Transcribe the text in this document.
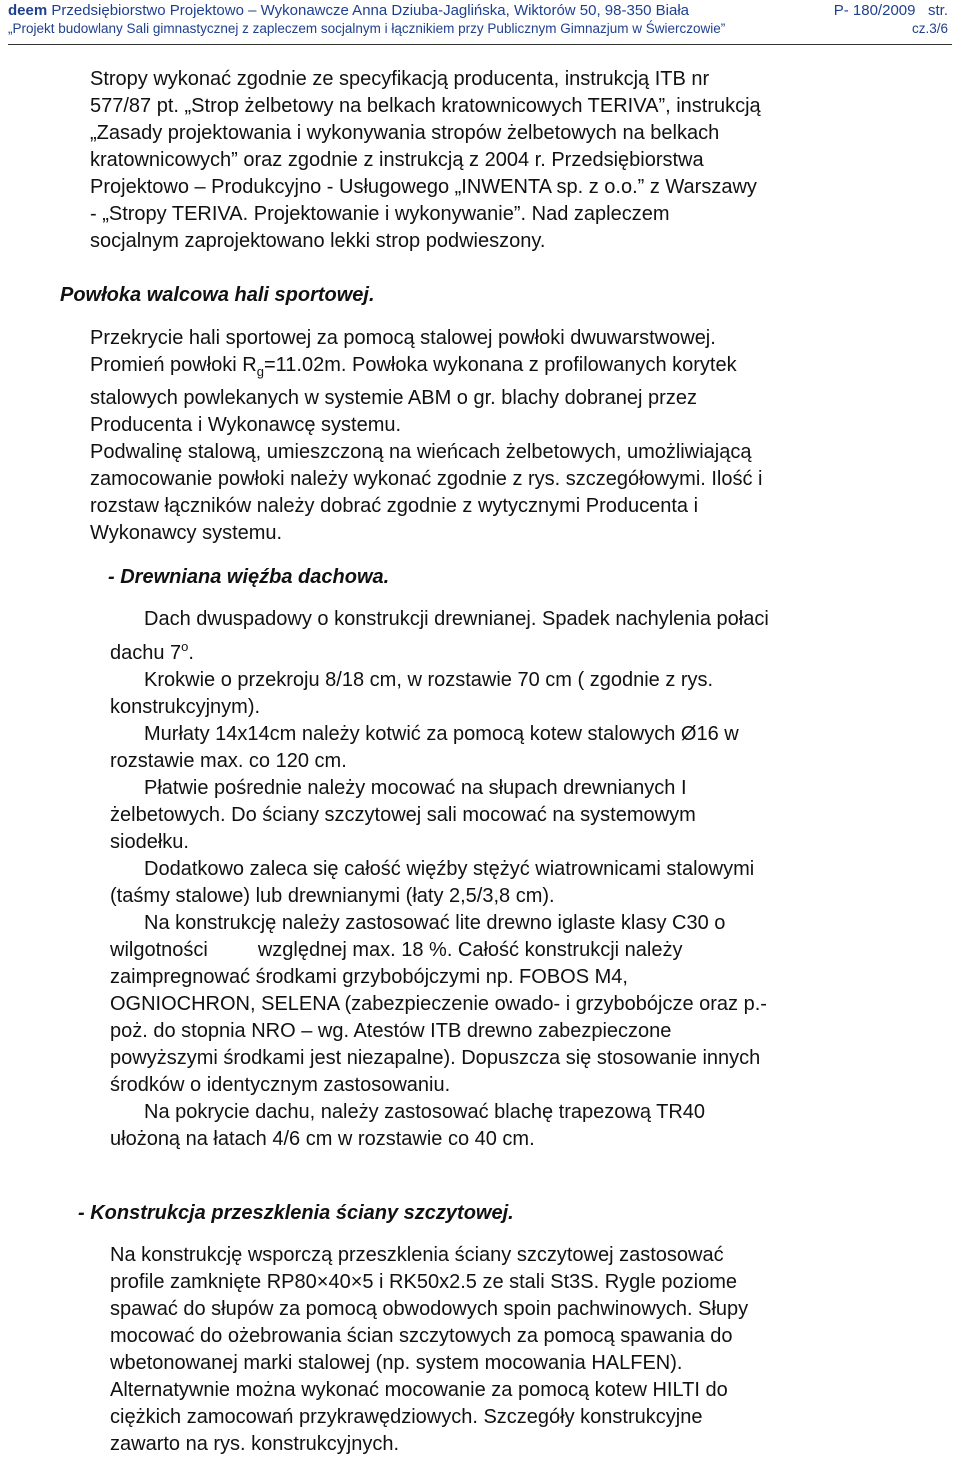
deem Przedsiębiorstwo Projektowo – Wykonawcze Anna Dziuba-Jaglińska, Wiktorów 50, 98-350 Biała	P- 180/2009 str.
„Projekt budowlany Sali gimnastycznej z zapleczem socjalnym i łącznikiem przy Publicznym Gimnazjum w Świerczowie”	cz.3/6

Stropy wykonać zgodnie ze specyfikacją producenta, instrukcją ITB nr
577/87 pt. „Strop żelbetowy na belkach kratownicowych TERIVA”, instrukcją
„Zasady projektowania i wykonywania stropów żelbetowych na belkach
kratownicowych” oraz zgodnie z instrukcją z 2004 r. Przedsiębiorstwa
Projektowo – Produkcyjno - Usługowego „INWENTA sp. z o.o.” z Warszawy
- „Stropy TERIVA. Projektowanie i wykonywanie”. Nad zapleczem
socjalnym zaprojektowano lekki strop podwieszony.

Powłoka walcowa hali sportowej.

Przekrycie hali sportowej za pomocą stalowej powłoki dwuwarstwowej.
Promień powłoki $R_g=11.02m$. Powłoka wykonana z profilowanych korytek
stalowych powlekanych w systemie ABM o gr. blachy dobranej przez
Producenta i Wykonawcę systemu.
Podwalinę stalową, umieszczoną na wieńcach żelbetowych, umożliwiającą
zamocowanie powłoki należy wykonać zgodnie z rys. szczegółowymi. Ilość i
rozstaw łączników należy dobrać zgodnie z wytycznymi Producenta i
Wykonawcy systemu.

- Drewniana więźba dachowa.

Dach dwuspadowy o konstrukcji drewnianej. Spadek nachylenia połaci
dachu 7$^o$.
Krokwie o przekroju 8/18 cm, w rozstawie 70 cm ( zgodnie z rys.
konstrukcyjnym).
Murłaty 14x14cm należy kotwić za pomocą kotew stalowych Ø16 w
rozstawie max. co 120 cm.
Płatwie pośrednie należy mocować na słupach drewnianych I
żelbetowych. Do ściany szczytowej sali mocować na systemowym
siodełku.
Dodatkowo zaleca się całość więźby stężyć wiatrownicami stalowymi
(taśmy stalowe) lub drewnianymi (łaty 2,5/3,8 cm).
Na konstrukcję należy zastosować lite drewno iglaste klasy C30 o
wilgotności	względnej max. 18 %. Całość konstrukcji należy
zaimpregnować środkami grzybobójczymi np. FOBOS M4,
OGNIOCHRON, SELENA (zabezpieczenie owado- i grzybobójcze oraz p.-
poż. do stopnia NRO – wg. Atestów ITB drewno zabezpieczone
powyższymi środkami jest niezapalne). Dopuszcza się stosowanie innych
środków o identycznym zastosowaniu.
Na pokrycie dachu, należy zastosować blachę trapezową TR40
ułożoną na łatach 4/6 cm w rozstawie co 40 cm.

- Konstrukcja przeszklenia ściany szczytowej.

Na konstrukcję wsporczą przeszklenia ściany szczytowej zastosować
profile zamknięte RP80×40×5 i RK50x2.5 ze stali St3S. Rygle poziome
spawać do słupów za pomocą obwodowych spoin pachwinowych. Słupy
mocować do ożebrowania ścian szczytowych za pomocą spawania do
wbetonowanej marki stalowej (np. system mocowania HALFEN).
Alternatywnie można wykonać mocowanie za pomocą kotew HILTI do
ciężkich zamocowań przykrawędziowych. Szczegóły konstrukcyjne
zawarto na rys. konstrukcyjnych.
